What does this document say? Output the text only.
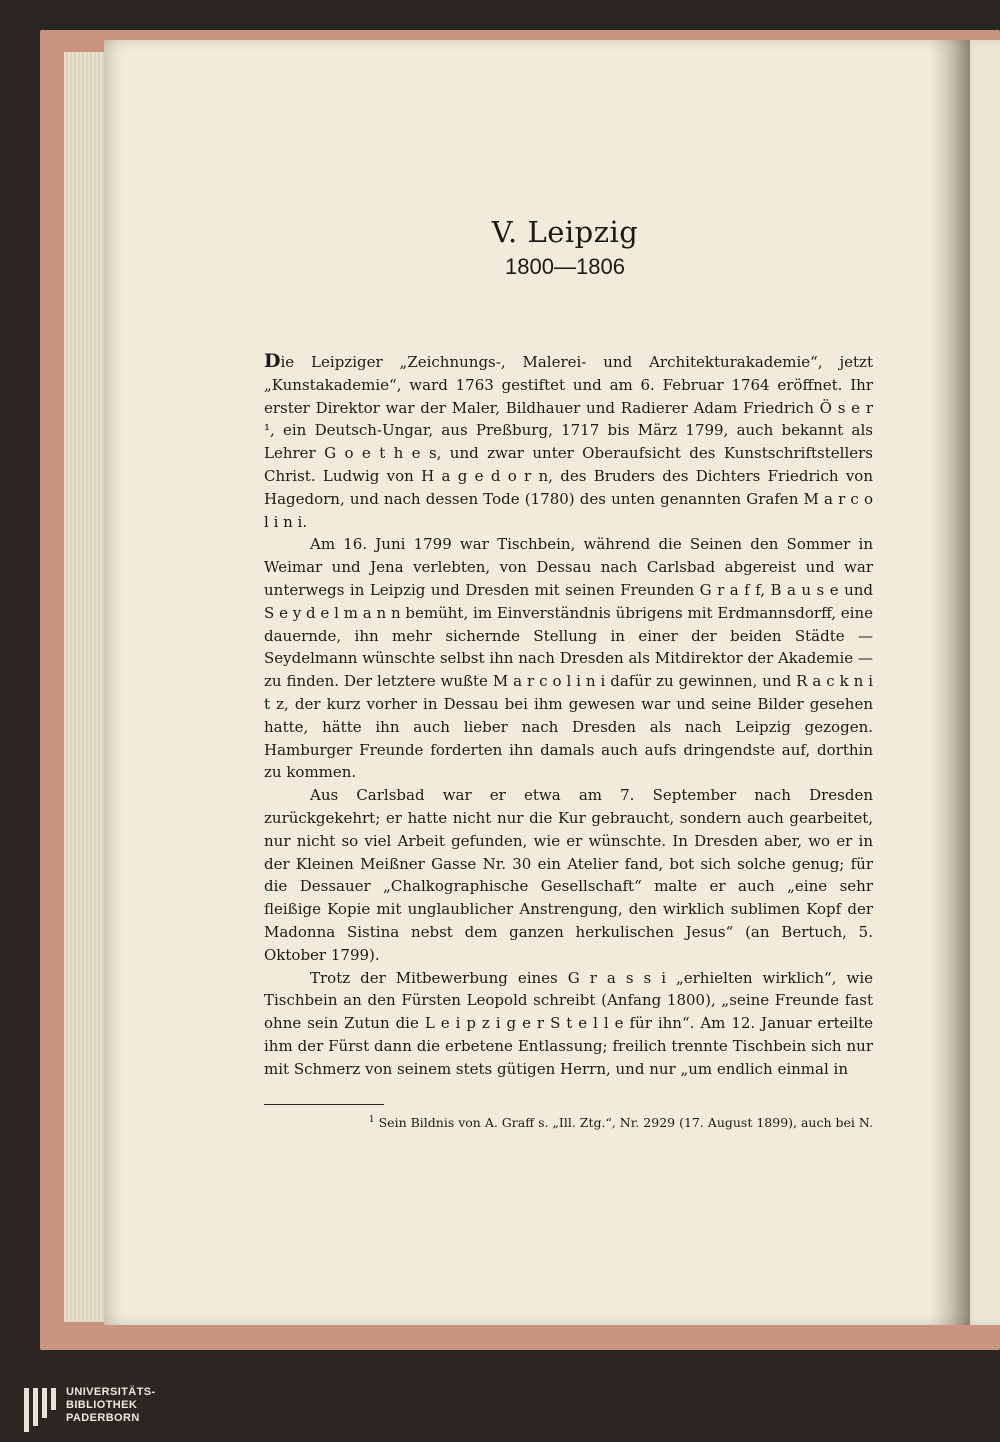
V. Leipzig
1800—1806

Die Leipziger „Zeichnungs-, Malerei- und Architekturakademie“, jetzt „Kunstakademie“, ward 1763 gestiftet und am 6. Februar 1764 eröffnet. Ihr erster Direktor war der Maler, Bildhauer und Radierer Adam Friedrich Ö s e r ¹, ein Deutsch-Ungar, aus Preßburg, 1717 bis März 1799, auch bekannt als Lehrer G o e t h e s, und zwar unter Oberaufsicht des Kunstschriftstellers Christ. Ludwig von H a g e d o r n, des Bruders des Dichters Friedrich von Hagedorn, und nach dessen Tode (1780) des unten genannten Grafen M a r c o l i n i.

Am 16. Juni 1799 war Tischbein, während die Seinen den Sommer in Weimar und Jena verlebten, von Dessau nach Carlsbad abgereist und war unterwegs in Leipzig und Dresden mit seinen Freunden G r a f f, B a u s e und S e y d e l m a n n bemüht, im Einverständnis übrigens mit Erdmannsdorff, eine dauernde, ihn mehr sichernde Stellung in einer der beiden Städte — Seydelmann wünschte selbst ihn nach Dresden als Mitdirektor der Akademie — zu finden. Der letztere wußte M a r c o l i n i dafür zu gewinnen, und R a c k n i t z, der kurz vorher in Dessau bei ihm gewesen war und seine Bilder gesehen hatte, hätte ihn auch lieber nach Dresden als nach Leipzig gezogen. Hamburger Freunde forderten ihn damals auch aufs dringendste auf, dorthin zu kommen.

Aus Carlsbad war er etwa am 7. September nach Dresden zurückgekehrt; er hatte nicht nur die Kur gebraucht, sondern auch gearbeitet, nur nicht so viel Arbeit gefunden, wie er wünschte. In Dresden aber, wo er in der Kleinen Meißner Gasse Nr. 30 ein Atelier fand, bot sich solche genug; für die Dessauer „Chalkographische Gesellschaft“ malte er auch „eine sehr fleißige Kopie mit unglaublicher Anstrengung, den wirklich sublimen Kopf der Madonna Sistina nebst dem ganzen herkulischen Jesus“ (an Bertuch, 5. Oktober 1799).

Trotz der Mitbewerbung eines G r a s s i „erhielten wirklich“, wie Tischbein an den Fürsten Leopold schreibt (Anfang 1800), „seine Freunde fast ohne sein Zutun die L e i p z i g e r S t e l l e für ihn“. Am 12. Januar erteilte ihm der Fürst dann die erbetene Entlassung; freilich trennte Tischbein sich nur mit Schmerz von seinem stets gütigen Herrn, und nur „um endlich einmal in

$^1$ Sein Bildnis von A. Graff s. „Ill. Ztg.“, Nr. 2929 (17. August 1899), auch bei N.
UNIVERSITÄTS-
BIBLIOTHEK
PADERBORN
